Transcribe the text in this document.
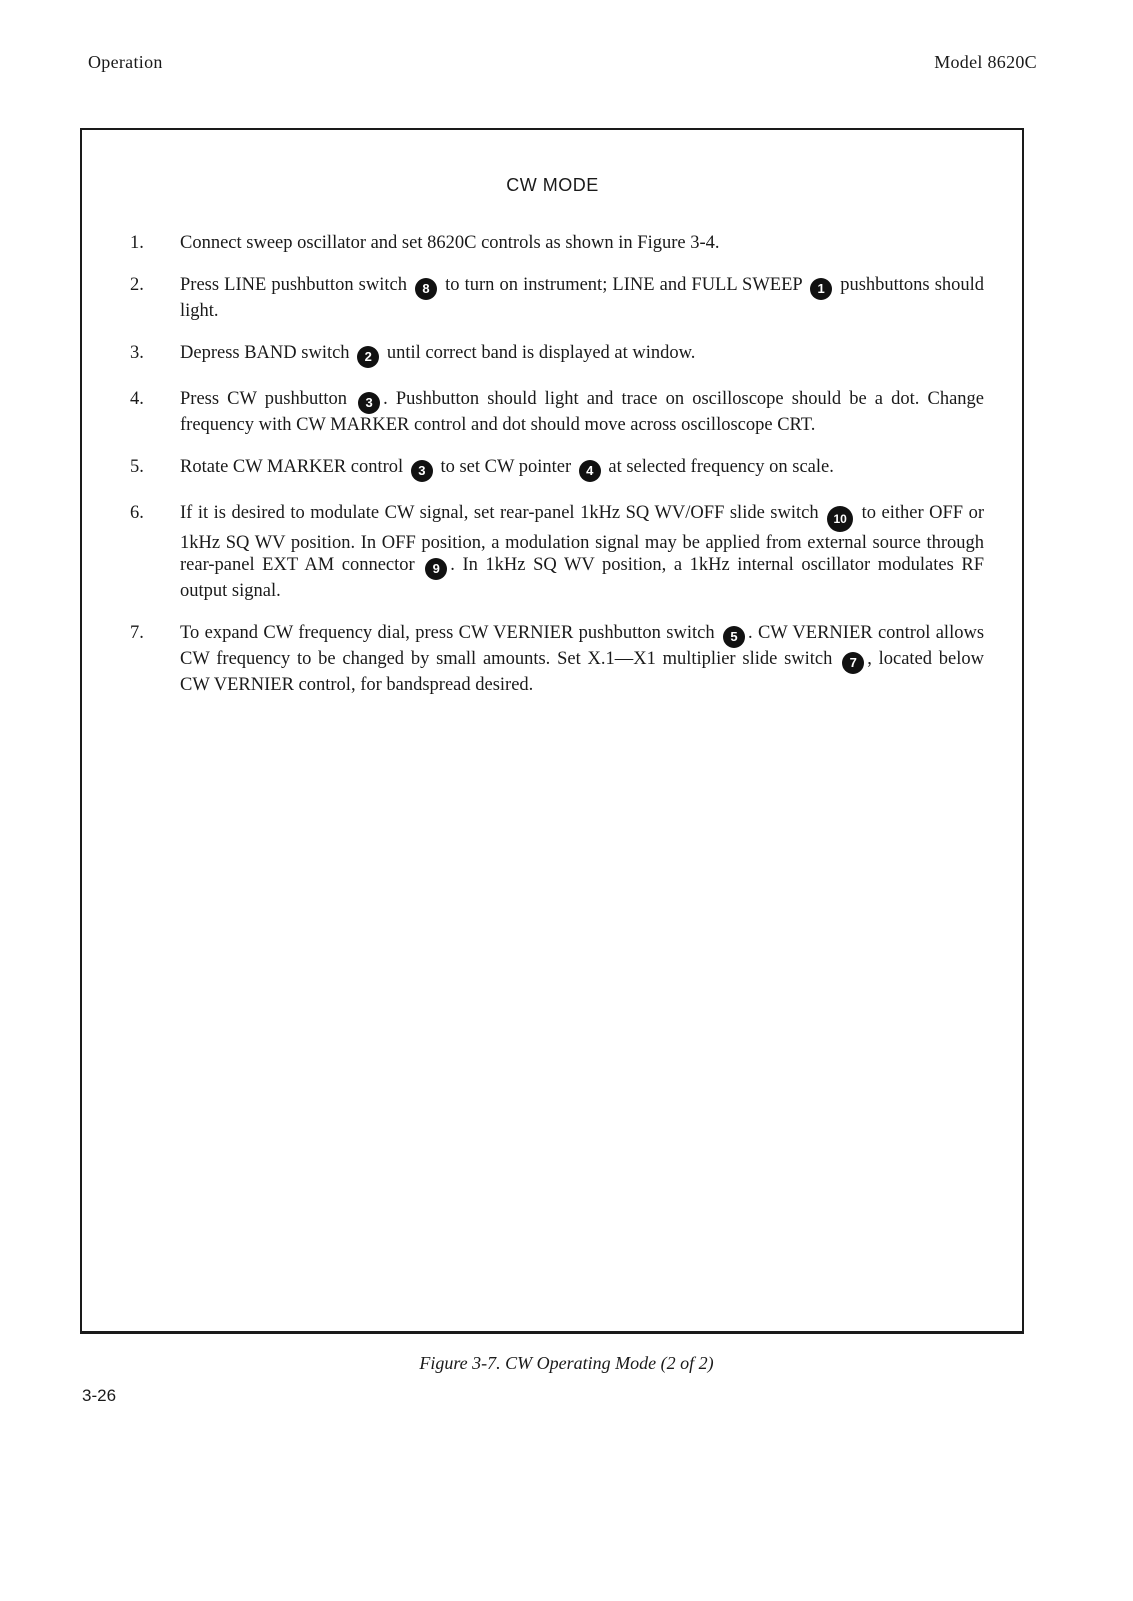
Operation	Model 8620C
CW MODE
1. Connect sweep oscillator and set 8620C controls as shown in Figure 3-4.
2. Press LINE pushbutton switch 8 to turn on instrument; LINE and FULL SWEEP 1 pushbuttons should light.
3. Depress BAND switch 2 until correct band is displayed at window.
4. Press CW pushbutton 3 . Pushbutton should light and trace on oscilloscope should be a dot. Change frequency with CW MARKER control and dot should move across oscilloscope CRT.
5. Rotate CW MARKER control 3 to set CW pointer 4 at selected frequency on scale.
6. If it is desired to modulate CW signal, set rear-panel 1kHz SQ WV/OFF slide switch 10 to either OFF or 1kHz SQ WV position. In OFF position, a modulation signal may be applied from external source through rear-panel EXT AM connector 9 . In 1kHz SQ WV position, a 1kHz internal oscillator modulates RF output signal.
7. To expand CW frequency dial, press CW VERNIER pushbutton switch 5 . CW VERNIER control allows CW frequency to be changed by small amounts. Set X.1—X1 multiplier slide switch 7 , located below CW VERNIER control, for bandspread desired.
Figure 3-7. CW Operating Mode (2 of 2)
3-26
